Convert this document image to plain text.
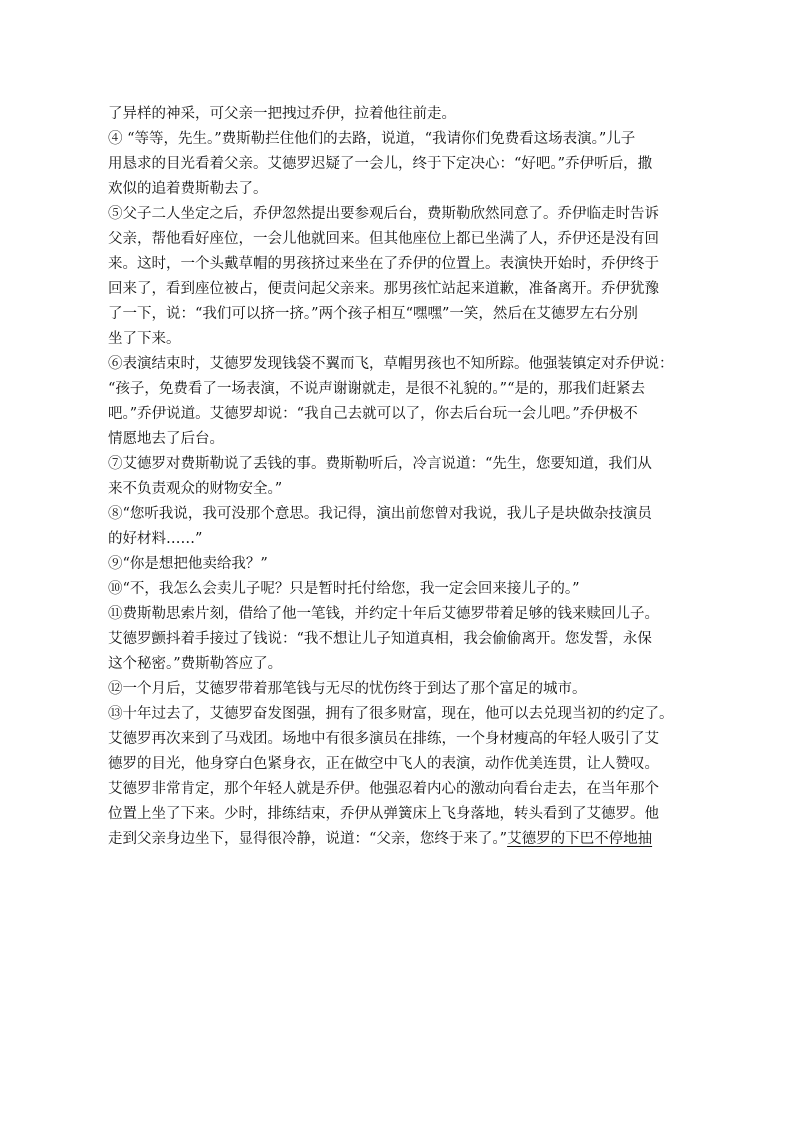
了异样的神采，可父亲一把拽过乔伊，拉着他往前走。
④ “等等，先生。”费斯勒拦住他们的去路，说道，“我请你们免费看这场表演。”儿子
用恳求的目光看着父亲。艾德罗迟疑了一会儿，终于下定决心：“好吧。”乔伊听后，撒
欢似的追着费斯勒去了。
⑤父子二人坐定之后，乔伊忽然提出要参观后台，费斯勒欣然同意了。乔伊临走时告诉
父亲，帮他看好座位，一会儿他就回来。但其他座位上都已坐满了人，乔伊还是没有回
来。这时，一个头戴草帽的男孩挤过来坐在了乔伊的位置上。表演快开始时，乔伊终于
回来了，看到座位被占，便责问起父亲来。那男孩忙站起来道歉，准备离开。乔伊犹豫
了一下，说：“我们可以挤一挤。”两个孩子相互“嘿嘿”一笑，然后在艾德罗左右分别
坐了下来。
⑥表演结束时，艾德罗发现钱袋不翼而飞，草帽男孩也不知所踪。他强装镇定对乔伊说：
“孩子，免费看了一场表演，不说声谢谢就走，是很不礼貌的。”“是的，那我们赶紧去
吧。”乔伊说道。艾德罗却说：“我自己去就可以了，你去后台玩一会儿吧。”乔伊极不
情愿地去了后台。
⑦艾德罗对费斯勒说了丢钱的事。费斯勒听后，冷言说道：“先生，您要知道，我们从
来不负责观众的财物安全。”
⑧“您听我说，我可没那个意思。我记得，演出前您曾对我说，我儿子是块做杂技演员
的好材料……”
⑨“你是想把他卖给我？”
⑩“不，我怎么会卖儿子呢？只是暂时托付给您，我一定会回来接儿子的。”
⑪费斯勒思索片刻，借给了他一笔钱，并约定十年后艾德罗带着足够的钱来赎回儿子。
艾德罗颤抖着手接过了钱说：“我不想让儿子知道真相，我会偷偷离开。您发誓，永保
这个秘密。”费斯勒答应了。
⑫一个月后，艾德罗带着那笔钱与无尽的忧伤终于到达了那个富足的城市。
⑬十年过去了，艾德罗奋发图强，拥有了很多财富，现在，他可以去兑现当初的约定了。
艾德罗再次来到了马戏团。场地中有很多演员在排练，一个身材瘦高的年轻人吸引了艾
德罗的目光，他身穿白色紧身衣，正在做空中飞人的表演，动作优美连贯，让人赞叹。
艾德罗非常肯定，那个年轻人就是乔伊。他强忍着内心的激动向看台走去，在当年那个
位置上坐了下来。少时，排练结束，乔伊从弹簧床上飞身落地，转头看到了艾德罗。他
走到父亲身边坐下，显得很冷静，说道：“父亲，您终于来了。”艾德罗的下巴不停地抽
